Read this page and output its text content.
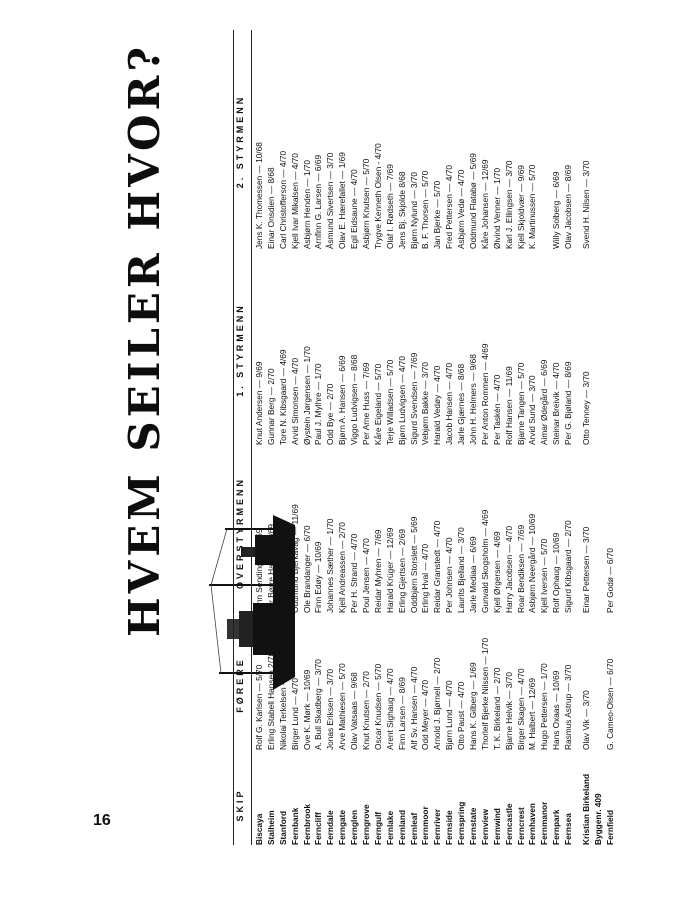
16
HVEM SEILER HVOR?
SKIP
FØRERE
OVERSTYRMENN
1. STYRMENN
2. STYRMENN
Biscaya
Rolf G. Karlsen — 5/70
John Sending — 12/69
Knut Andersen — 9/69
Jens K. Thomessen — 10/68
Stalheim
Erling Stabell Hansen 2/70
Per Børre Halén — 9/69
Gunnar Berg — 2/70
Einar Onsdien — 8/68
Stanford
Nikolai Terkelsen — 4/70
Bent Pedersen — 8/69
Tore N. Kibsgaard — 4/69
Carl Christofferson — 4/70
Fernbank
Birger Lund — 4/70
Oddmund Bjerkavåg — 11/69
Arvid Simonsen — 4/70
Kjell Ivar Mikalsen — 4/70
Fernbrook
Ove K. Mørk — 10/69
Ole Brandanger — 6/70
Øystein Jørgensen — 1/70
Asbjørn Henden — 1/70
Ferncliff
A. Bull Skadberg — 3/70
Finn Edøy — 10/69
Paul J. Mylhre — 1/70
Arnfinn G. Larsen — 6/69
Ferndale
Jonas Eriksen — 3/70
Johannes Sæther — 1/70
Odd Bye — 2/70
Åsmund Sivertsen — 3/70
Ferngate
Arve Mathiesen — 5/70
Kjell Andreassen — 2/70
Bjørn A. Hansen — 6/69
Olav E. Hærefallet — 1/69
Fernglen
Olav Vatsaas — 9/68
Per H. Strand — 4/70
Viggo Ludvigsen — 8/68
Egil Eidsaune — 4/70
Ferngrove
Knut Knutsen — 2/70
Poul Jensen — 4/70
Per Arne Huss — 7/69
Asbjørn Knutsen — 5/70
Ferngulf
Oscar Knudsen — 5/70
Reidar Myhren — 7/69
Kåre Eigeland — 5/70
Trygve Kenneth Olsen - 4/70
Fernlake
Arent Sighaug — 4/70
Harald Krüger — 12/69
Terje Willadsen — 5/70
Olaf I. Rødseth — 7/69
Fernland
Finn Larsen — 8/69
Erling Gjertsen — 2/69
Bjørn Ludvigsen — 4/70
Jens Bj. Skjolde 8/68
Fernleaf
Alf Sv. Hansen — 4/70
Oddbjørn Storslett — 5/69
Sigurd Svendsen — 7/69
Bjørn Nylund — 3/70
Fernmoor
Odd Meyer — 4/70
Erling Hval — 4/70
Vebjørn Bakke — 3/70
B. F. Thorsen — 5/70
Fernriver
Arnold J. Bjørnell — 2/70
Reidar Granstedt — 4/70
Harald Vedøy — 4/70
Jan Bjerke — 5/70
Fernside
Bjørn Lund — 4/70
Per Johnsen — 4/70
Jacob Hansen — 4/70
Fred Pettersen — 4/70
Fernspring
Otto Paust — 4/70
Laurits Bjelland — 3/70
Jarle Gjærnes — 8/68
Asbjørn Vedø — 4/70
Fernstate
Hans K. Gilberg — 1/69
Jarle Mediaa — 6/69
John H. Helmers — 9/68
Oddmund Flatabø — 5/69
Fernview
Thorleif Bjerke Nilssen — 1/70
Gunvald Skogsholm — 4/69
Per Anton Rommen — 4/69
Kåre Johansen — 12/69
Fernwind
T. K. Birkeland — 2/70
Kjell Ørgersen — 4/69
Per Taskén — 4/70
Øivind Venner — 1/70
Ferncastle
Bjarne Helvik — 3/70
Harry Jacobsen — 4/70
Rolf Hansen — 11/69
Karl J. Ellingsen — 3/70
Ferncrest
Birger Skagen — 4/70
Roar Bendiksen — 7/69
Bjarne Tangen — 5/70
Kjell Skjoldvær — 9/69
Fernhaven
M. Halbert — 12/69
Asbjørn Neergård — 10/69
Arvid Sund — 3/70
K. Martinussen — 5/70
Fernmanor
Hugo Pettersen — 1/70
Kjell Iversen — 5/70
Aimar Ødegård — 6/69
Fernpark
Hans Oxaas — 10/69
Rolf Ophaug — 10/69
Steinar Breivik — 4/70
Willy Solberg — 6/69
Fernsea
Rasmus Astrup — 3/70
Sigurd Kibsgaard — 2/70
Per G. Bjøland — 8/69
Olav Jacobsen — 8/69
Kristian Birkeland
Olav Vik — 3/70
Einar Pettersen — 3/70
Otto Tenney — 3/70
Svend H. Nilsen — 3/70
Byggenr. 409 Fernfield
G. Cameo-Olsen — 6/70
Per Godø — 6/70
